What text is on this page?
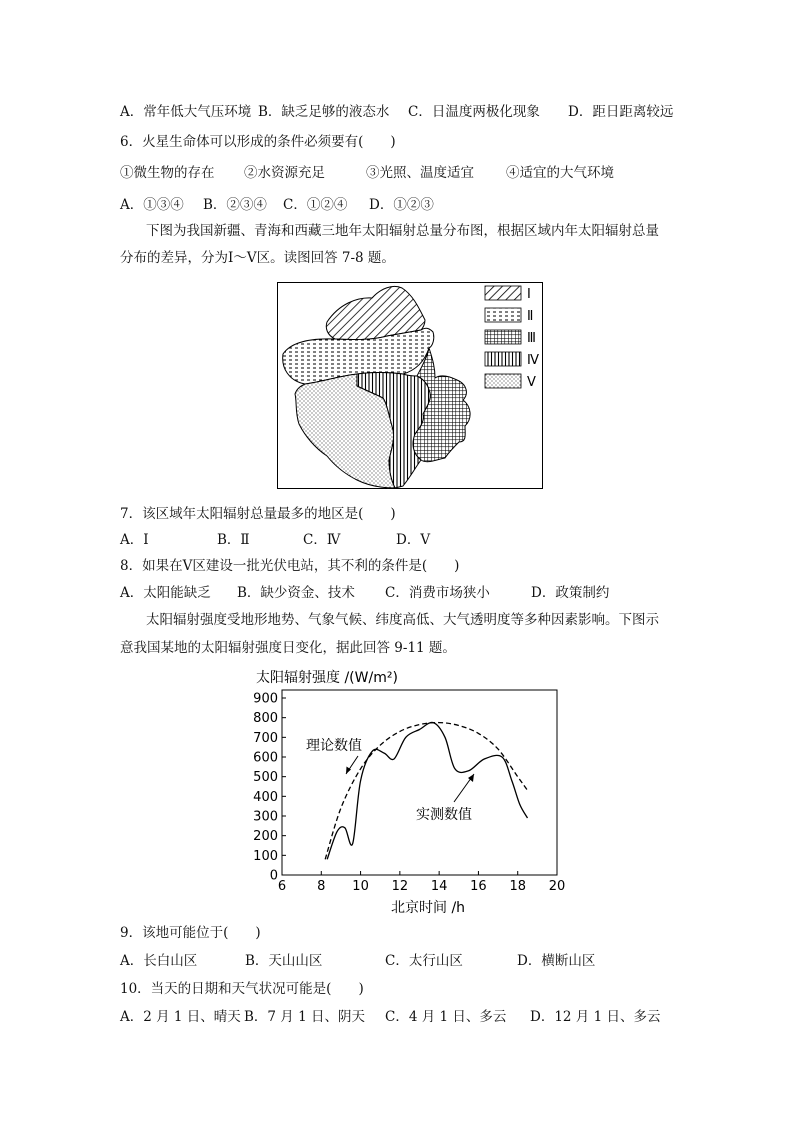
A．常年低大气压环境 B．缺乏足够的液态水 C．日温度两极化现象 D．距日距离较远
6．火星生命体可以形成的条件必须要有(　　)
①微生物的存在 ②水资源充足	③光照、温度适宜 ④适宜的大气环境
A．①③④ B．②③④ C．①②④ D．①②③
下图为我国新疆、青海和西藏三地年太阳辐射总量分布图，根据区域内年太阳辐射总量
分布的差异，分为Ⅰ～Ⅴ区。读图回答 7-8 题。
Ⅰ
Ⅱ
Ⅲ
Ⅳ
Ⅴ
7．该区域年太阳辐射总量最多的地区是(　　)
A．Ⅰ	B．Ⅱ	C．Ⅳ	D．Ⅴ
8．如果在Ⅴ区建设一批光伏电站，其不利的条件是(　　)
A．太阳能缺乏 B．缺少资金、技术 C．消费市场狭小	D．政策制约
太阳辐射强度受地形地势、气象气候、纬度高低、大气透明度等多种因素影响。下图示
意我国某地的太阳辐射强度日变化，据此回答 9-11 题。
太阳辐射强度 /(W/m²)
北京时间 /h
6 8 10 12 14 16 18 20
0
100
200
300
400
500
600
700
800
900
理论数值
实测数值
9．该地可能位于(　　)
A．长白山区	B．天山山区	C．太行山区	D．横断山区
10．当天的日期和天气状况可能是(　　)
A．2 月 1 日、晴天 B．7 月 1 日、阴天 C．4 月 1 日、多云 D．12 月 1 日、多云
